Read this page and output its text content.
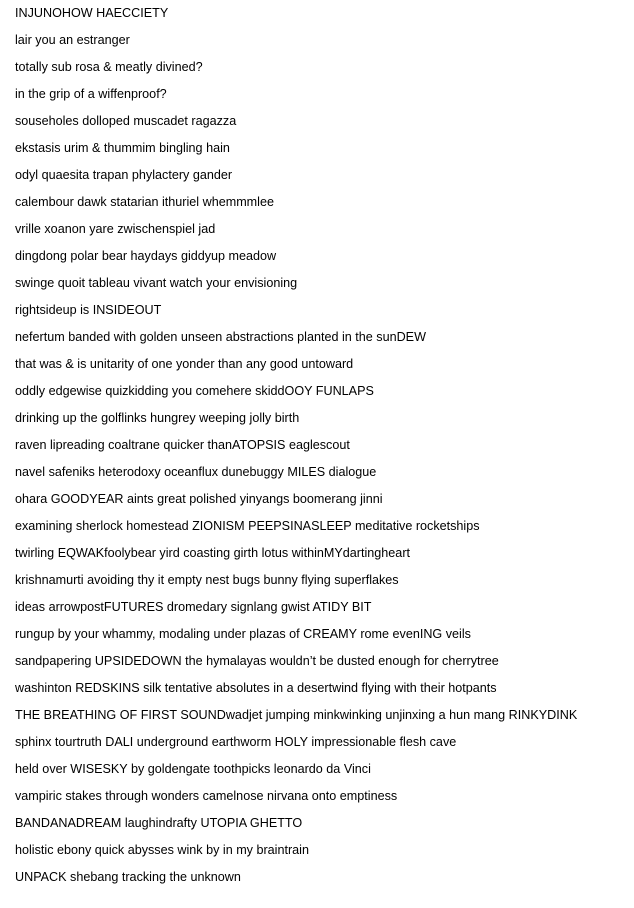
INJUNOHOW HAECCIETY
lair you an estranger
totally sub rosa & meatly divined?
in the grip of a wiffenproof?
souseholes dolloped muscadet ragazza
ekstasis urim & thummim bingling hain
odyl quaesita trapan phylactery gander
calembour dawk statarian ithuriel whemmmlee
vrille xoanon yare zwischenspiel jad
dingdong polar bear haydays giddyup meadow
swinge quoit tableau vivant watch your envisioning
rightsideup is INSIDEOUT
nefertum banded with golden unseen abstractions planted in the sunDEW
that was & is unitarity of one yonder than any good untoward
oddly edgewise quizkidding you comehere skiddOOY FUNLAPS
drinking up the golflinks hungrey weeping jolly birth
raven lipreading coaltrane quicker thanATOPSIS eaglescout
navel safeniks heterodoxy oceanflux dunebuggy MILES dialogue
ohara GOODYEAR aints great polished yinyangs boomerang jinni
examining sherlock homestead ZIONISM PEEPSINASLEEP meditative rocketships
twirling EQWAKfoolybear yird coasting girth lotus withinMYdartingheart
krishnamurti avoiding thy it empty nest bugs bunny flying superflakes
ideas arrowpostFUTURES dromedary signlang gwist ATIDY BIT
rungup by your whammy, modaling under plazas of CREAMY rome evenING veils
sandpapering UPSIDEDOWN the hymalayas wouldn’t be dusted enough for cherrytree
washinton REDSKINS silk tentative absolutes in a desertwind flying with their hotpants
THE BREATHING OF FIRST SOUNDwadjet jumping minkwinking unjinxing a hun mang RINKYDINK
sphinx tourtruth DALI underground earthworm HOLY impressionable flesh cave
held over WISESKY by goldengate toothpicks leonardo da Vinci
vampiric stakes through wonders camelnose nirvana onto emptiness
BANDANADREAM laughindrafty UTOPIA GHETTO
holistic ebony quick abysses wink by in my braintrain
UNPACK shebang tracking the unknown
